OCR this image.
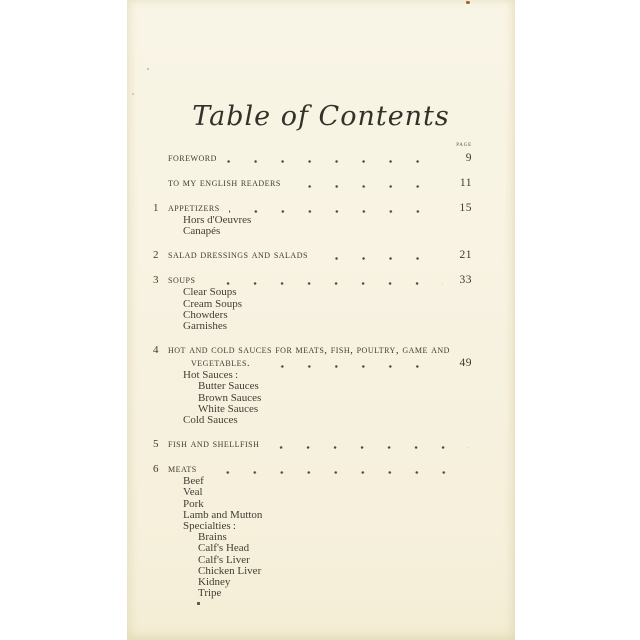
Table of Contents
page
foreword	9
to my english readers	11
1 appetizers	15
Hors d'Oeuvres
Canapés
2 salad dressings and salads	21
3 soups	33
Clear Soups
Cream Soups
Chowders
Garnishes
4 hot and cold sauces for meats, fish, poultry, game and
vegetables.	49
Hot Sauces :
Butter Sauces
Brown Sauces
White Sauces
Cold Sauces
5 fish and shellfish
6 meats
Beef
Veal
Pork
Lamb and Mutton
Specialties :
Brains
Calf's Head
Calf's Liver
Chicken Liver
Kidney
Tripe
